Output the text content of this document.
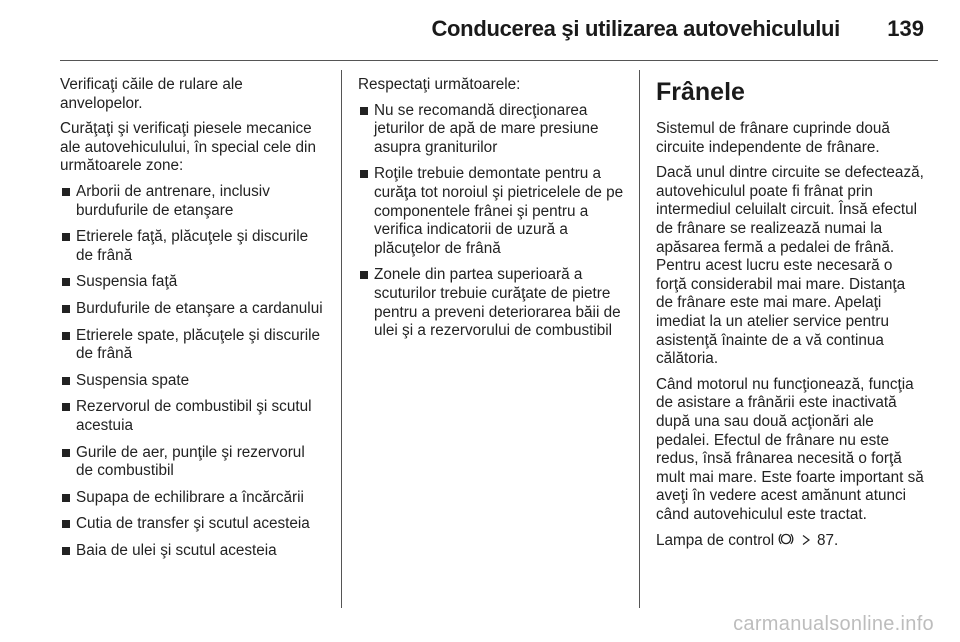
Conducerea şi utilizarea autovehiculului 139

Verificaţi căile de rulare ale anvelopelor.

Curăţaţi şi verificaţi piesele mecanice ale autovehiculului, în special cele din următoarele zone:

Arborii de antrenare, inclusiv burdufurile de etanşare
Etrierele faţă, plăcuţele şi discurile de frână
Suspensia faţă
Burdufurile de etanşare a cardanului
Etrierele spate, plăcuţele şi discurile de frână
Suspensia spate
Rezervorul de combustibil şi scutul acestuia
Gurile de aer, punţile şi rezervorul de combustibil
Supapa de echilibrare a încărcării
Cutia de transfer şi scutul acesteia
Baia de ulei şi scutul acesteia

Respectaţi următoarele:

Nu se recomandă direcţionarea jeturilor de apă de mare presiune asupra graniturilor
Roţile trebuie demontate pentru a curăţa tot noroiul şi pietricelele de pe componentele frânei şi pentru a verifica indicatorii de uzură a plăcuţelor de frână
Zonele din partea superioară a scuturilor trebuie curăţate de pietre pentru a preveni deteriorarea băii de ulei şi a rezervorului de combustibil
Frânele

Sistemul de frânare cuprinde două circuite independente de frânare.

Dacă unul dintre circuite se defectează, autovehiculul poate fi frânat prin intermediul celuilalt circuit. Însă efectul de frânare se realizează numai la apăsarea fermă a pedalei de frână. Pentru acest lucru este necesară o forţă considerabil mai mare. Distanţa de frânare este mai mare. Apelaţi imediat la un atelier service pentru asistenţă înainte de a vă continua călătoria.

Când motorul nu funcţionează, funcţia de asistare a frânării este inactivată după una sau două acţionări ale pedalei. Efectul de frânare nu este redus, însă frânarea necesită o forţă mult mai mare. Este foarte important să aveţi în vedere acest amănunt atunci când autovehiculul este tractat.

Lampa de control	87.

carmanualsonline.info
